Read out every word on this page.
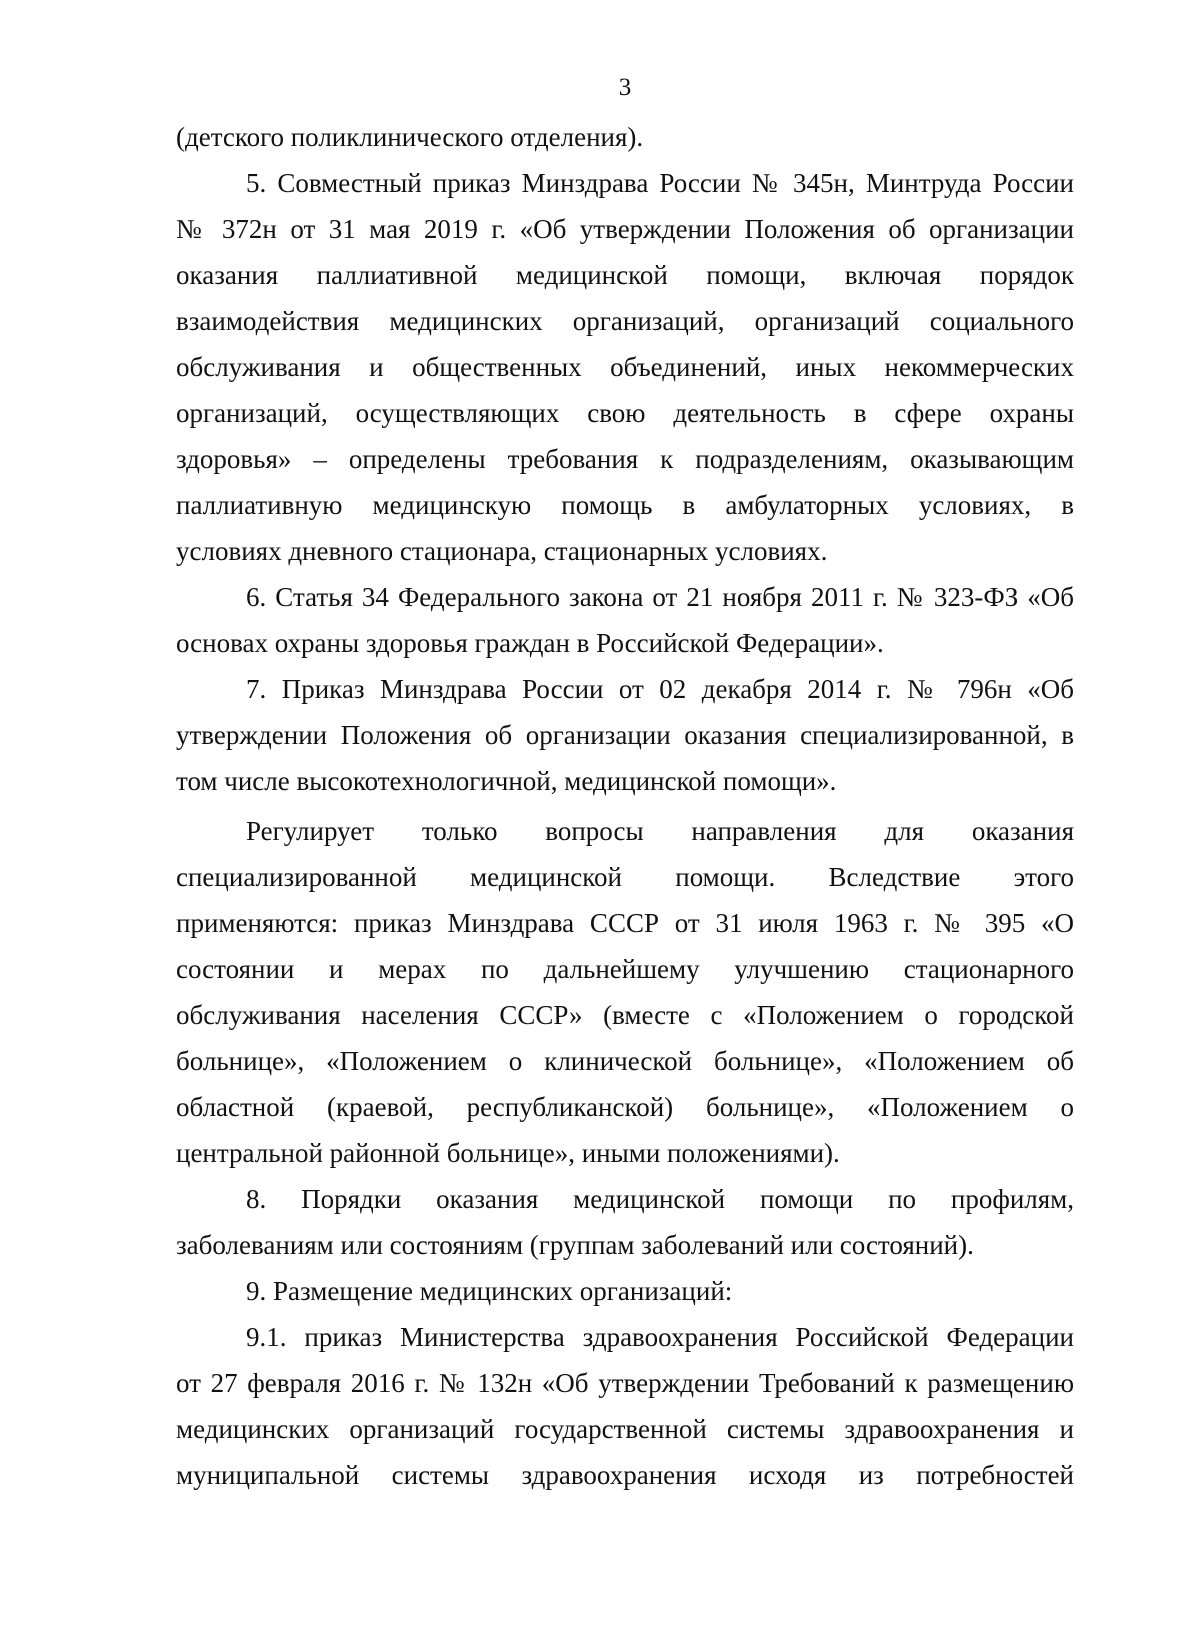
3
(детского поликлинического отделения).
5. Совместный приказ Минздрава России № 345н, Минтруда России
№ 372н от 31 мая 2019 г. «Об утверждении Положения об организации
оказания паллиативной медицинской помощи, включая порядок
взаимодействия медицинских организаций, организаций социального
обслуживания и общественных объединений, иных некоммерческих
организаций, осуществляющих свою деятельность в сфере охраны
здоровья» – определены требования к подразделениям, оказывающим
паллиативную медицинскую помощь в амбулаторных условиях, в
условиях дневного стационара, стационарных условиях.
6. Статья 34 Федерального закона от 21 ноября 2011 г. № 323-ФЗ «Об
основах охраны здоровья граждан в Российской Федерации».
7. Приказ Минздрава России от 02 декабря 2014 г. № 796н «Об
утверждении Положения об организации оказания специализированной, в
том числе высокотехнологичной, медицинской помощи».
Регулирует только вопросы направления для оказания
специализированной медицинской помощи. Вследствие этого
применяются: приказ Минздрава СССР от 31 июля 1963 г. № 395 «О
состоянии и мерах по дальнейшему улучшению стационарного
обслуживания населения СССР» (вместе с «Положением о городской
больнице», «Положением о клинической больнице», «Положением об
областной (краевой, республиканской) больнице», «Положением о
центральной районной больнице», иными положениями).
8. Порядки оказания медицинской помощи по профилям,
заболеваниям или состояниям (группам заболеваний или состояний).
9. Размещение медицинских организаций:
9.1. приказ Министерства здравоохранения Российской Федерации
от 27 февраля 2016 г. № 132н «Об утверждении Требований к размещению
медицинских организаций государственной системы здравоохранения и
муниципальной системы здравоохранения исходя из потребностей
